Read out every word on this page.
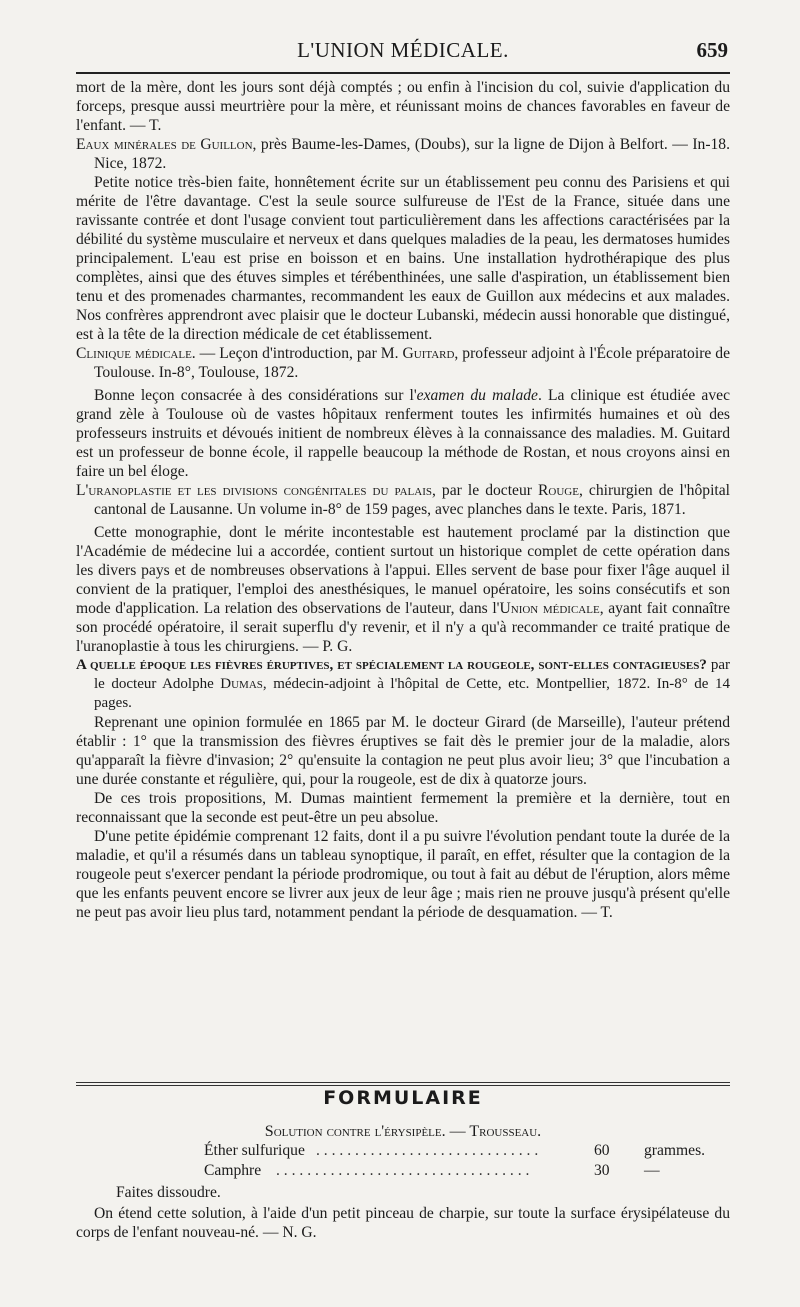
L'UNION MÉDICALE.	659

mort de la mère, dont les jours sont déjà comptés ; ou enfin à l'incision du col, suivie d'application du forceps, presque aussi meurtrière pour la mère, et réunissant moins de chances favorables en faveur de l'enfant. — T.

Eaux minérales de Guillon, près Baume-les-Dames, (Doubs), sur la ligne de Dijon à Belfort. — In-18. Nice, 1872.

Petite notice très-bien faite, honnêtement écrite sur un établissement peu connu des Parisiens et qui mérite de l'être davantage. C'est la seule source sulfureuse de l'Est de la France, située dans une ravissante contrée et dont l'usage convient tout particulièrement dans les affections caractérisées par la débilité du système musculaire et nerveux et dans quelques maladies de la peau, les dermatoses humides principalement. L'eau est prise en boisson et en bains. Une installation hydrothérapique des plus complètes, ainsi que des étuves simples et térébenthinées, une salle d'aspiration, un établissement bien tenu et des promenades charmantes, recommandent les eaux de Guillon aux médecins et aux malades. Nos confrères apprendront avec plaisir que le docteur Lubanski, médecin aussi honorable que distingué, est à la tête de la direction médicale de cet établissement.

Clinique médicale. — Leçon d'introduction, par M. Guitard, professeur adjoint à l'École préparatoire de Toulouse. In-8°, Toulouse, 1872.

Bonne leçon consacrée à des considérations sur l'examen du malade. La clinique est étudiée avec grand zèle à Toulouse où de vastes hôpitaux renferment toutes les infirmités humaines et où des professeurs instruits et dévoués initient de nombreux élèves à la connaissance des maladies. M. Guitard est un professeur de bonne école, il rappelle beaucoup la méthode de Rostan, et nous croyons ainsi en faire un bel éloge.

L'uranoplastie et les divisions congénitales du palais, par le docteur Rouge, chirurgien de l'hôpital cantonal de Lausanne. Un volume in-8° de 159 pages, avec planches dans le texte. Paris, 1871.

Cette monographie, dont le mérite incontestable est hautement proclamé par la distinction que l'Académie de médecine lui a accordée, contient surtout un historique complet de cette opération dans les divers pays et de nombreuses observations à l'appui. Elles servent de base pour fixer l'âge auquel il convient de la pratiquer, l'emploi des anesthésiques, le manuel opératoire, les soins consécutifs et son mode d'application. La relation des observations de l'auteur, dans l'Union médicale, ayant fait connaître son procédé opératoire, il serait superflu d'y revenir, et il n'y a qu'à recommander ce traité pratique de l'uranoplastie à tous les chirurgiens. — P. G.

A quelle époque les fièvres éruptives, et spécialement la rougeole, sont-elles contagieuses? par le docteur Adolphe Dumas, médecin-adjoint à l'hôpital de Cette, etc. Montpellier, 1872. In-8° de 14 pages.

Reprenant une opinion formulée en 1865 par M. le docteur Girard (de Marseille), l'auteur prétend établir : 1° que la transmission des fièvres éruptives se fait dès le premier jour de la maladie, alors qu'apparaît la fièvre d'invasion; 2° qu'ensuite la contagion ne peut plus avoir lieu; 3° que l'incubation a une durée constante et régulière, qui, pour la rougeole, est de dix à quatorze jours.

De ces trois propositions, M. Dumas maintient fermement la première et la dernière, tout en reconnaissant que la seconde est peut-être un peu absolue.

D'une petite épidémie comprenant 12 faits, dont il a pu suivre l'évolution pendant toute la durée de la maladie, et qu'il a résumés dans un tableau synoptique, il paraît, en effet, résulter que la contagion de la rougeole peut s'exercer pendant la période prodromique, ou tout à fait au début de l'éruption, alors même que les enfants peuvent encore se livrer aux jeux de leur âge ; mais rien ne prouve jusqu'à présent qu'elle ne peut pas avoir lieu plus tard, notamment pendant la période de desquamation. — T.

FORMULAIRE
Solution contre l'érysipèle. — Trousseau.
Éther sulfurique . . . . . . . . . . . . . . . . . . . . . . . . . . . . .	60 grammes.
Camphre . . . . . . . . . . . . . . . . . . . . . . . . . . . . . . . . .	30 —
Faites dissoudre.
On étend cette solution, à l'aide d'un petit pinceau de charpie, sur toute la surface érysipélateuse du corps de l'enfant nouveau-né. — N. G.
